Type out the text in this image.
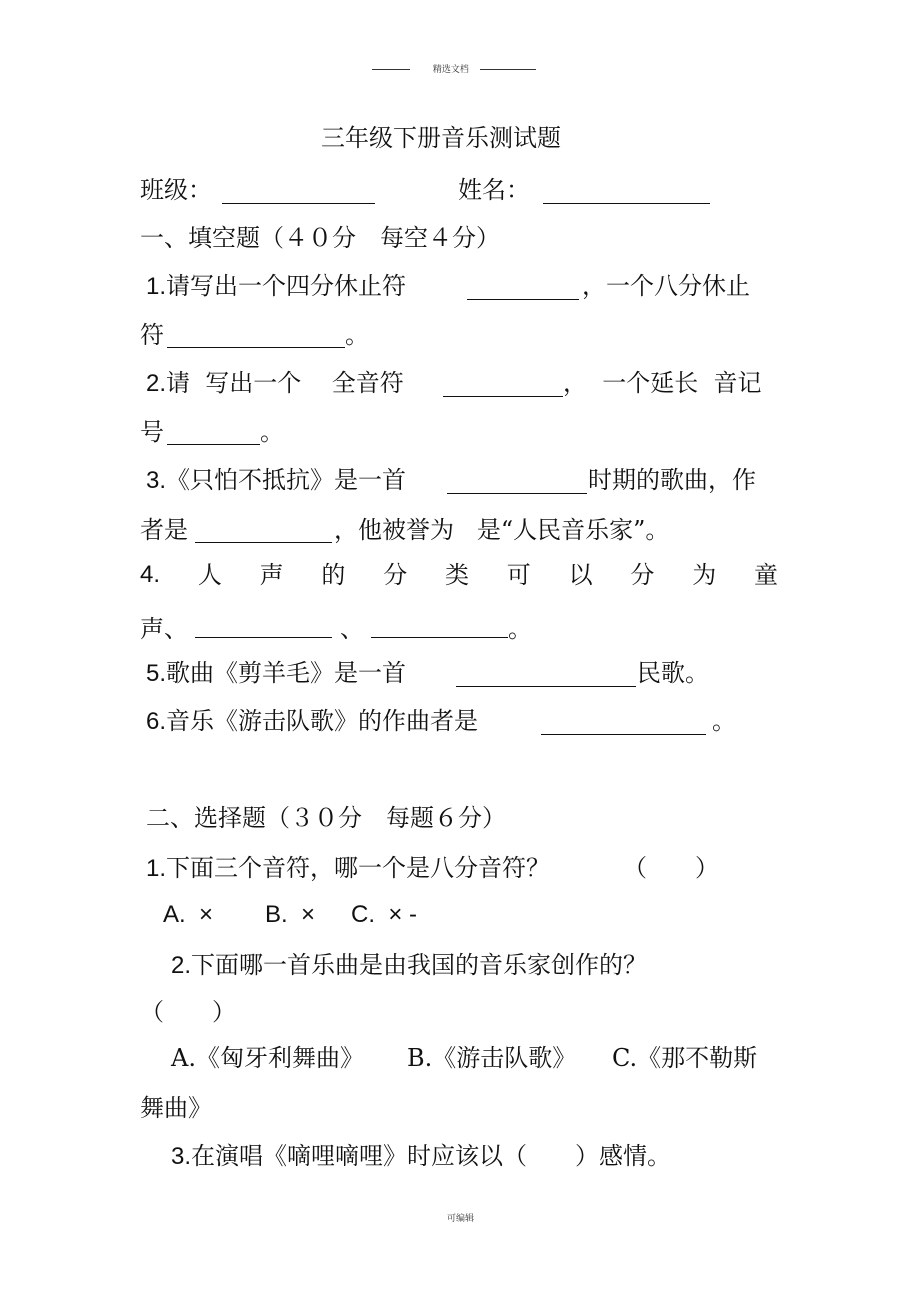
精选文档
三年级下册音乐测试题
班级：	姓名：
一、填空题（４０分　每空４分）
1.请写出一个四分休止符	，一个八分休止
符	。
2.请  写出一个    全音符	，  一个延长  音记
号	。
3.《只怕不抵抗》是一首	时期的歌曲，作
者是	，他被誉为   是“人民音乐家”。
4. 人 声 的 分 类 可 以 分 为 童
声、	、	。
5.歌曲《剪羊毛》是一首	民歌。
6.音乐《游击队歌》的作曲者是	。
二、选择题（３０分　每题６分）
1.下面三个音符，哪一个是八分音符？	（　　）
A.  × B.  × C.  × -
2.下面哪一首乐曲是由我国的音乐家创作的？
（　　）
A.《匈牙利舞曲》 B.《游击队歌》 C.《那不勒斯
舞曲》
3.在演唱《嘀哩嘀哩》时应该以（　　）感情。
可编辑
